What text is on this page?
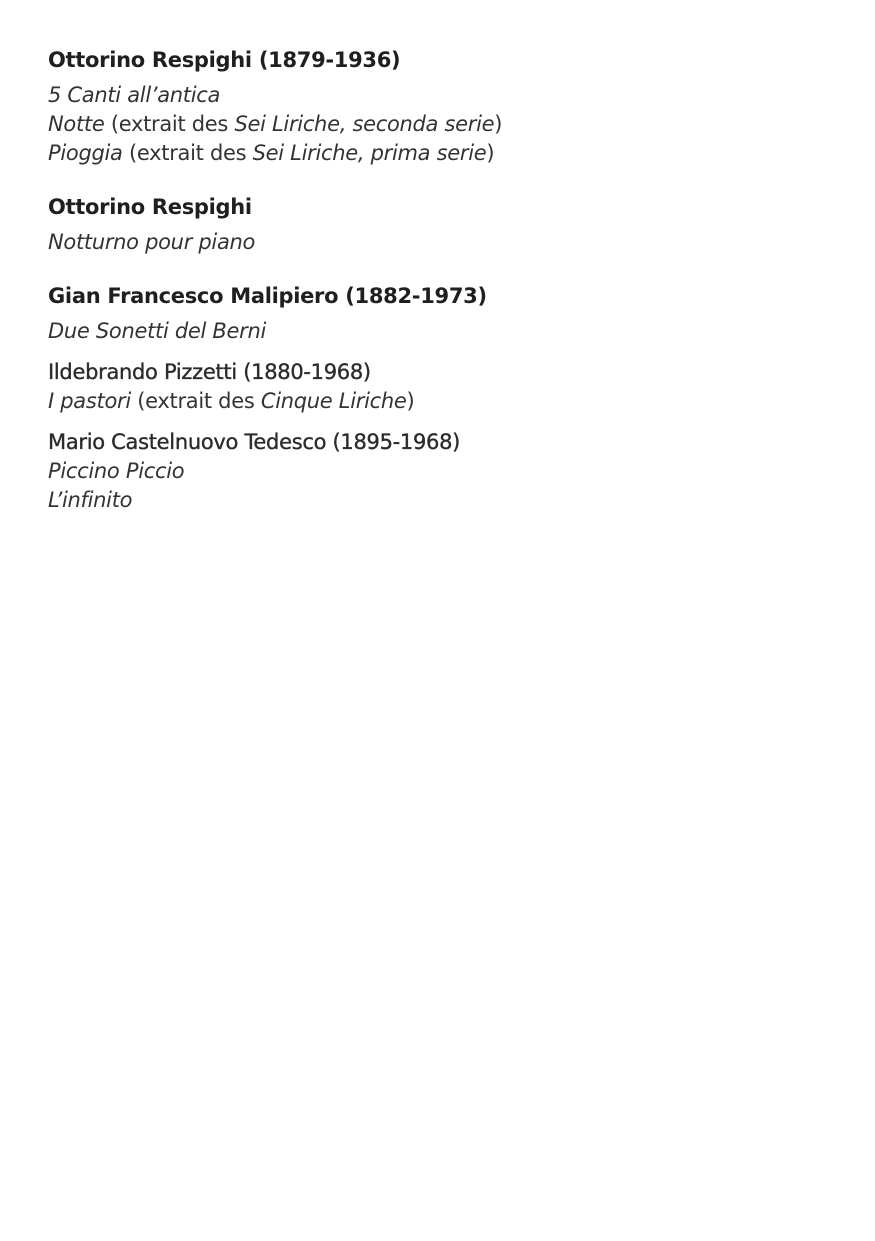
Ottorino Respighi (1879-1936)
5 Canti all’antica
Notte (extrait des Sei Liriche, seconda serie)
Pioggia (extrait des Sei Liriche, prima serie)
Ottorino Respighi
Notturno pour piano
Gian Francesco Malipiero (1882-1973)
Due Sonetti del Berni
Ildebrando Pizzetti (1880-1968)
I pastori (extrait des Cinque Liriche)
Mario Castelnuovo Tedesco (1895-1968)
Piccino Piccio
L’infinito
